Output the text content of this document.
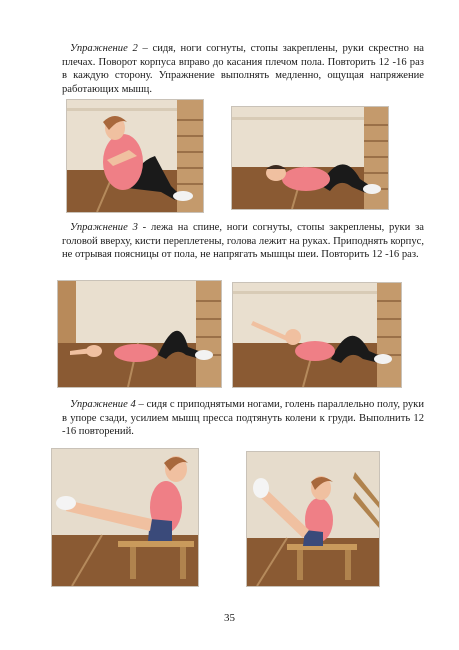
Упражнение 2 – сидя, ноги согнуты, стопы закреплены, руки скрестно на плечах. Поворот корпуса вправо до касания плечом пола. Повторить 12 -16 раз в каждую сторону. Упражнение выполнять медленно, ощущая напряжение работающих мышц.
Упражнение 3 - лежа на спине, ноги согнуты, стопы закреплены, руки за головой вверху, кисти переплетены, голова лежит на руках. Приподнять корпус, не отрывая поясницы от пола, не напрягать мышцы шеи. Повторить 12 -16 раз.
Упражнение 4 – сидя с приподнятыми ногами, голень параллельно полу, руки в упоре сзади, усилием мышц пресса подтянуть колени к груди. Выполнить 12 -16 повторений.
35
